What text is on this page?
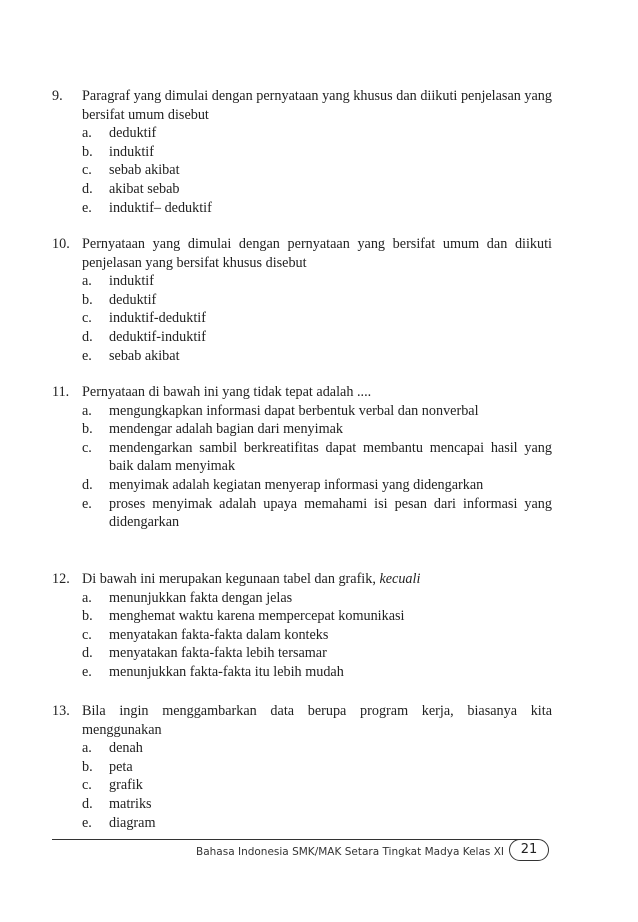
9. Paragraf yang dimulai dengan pernyataan yang khusus dan diikuti penjelasan yang bersifat umum disebut
a. deduktif
b. induktif
c. sebab akibat
d. akibat sebab
e. induktif– deduktif
10. Pernyataan yang dimulai dengan pernyataan yang bersifat umum dan diikuti penjelasan yang bersifat khusus disebut
a. induktif
b. deduktif
c. induktif-deduktif
d. deduktif-induktif
e. sebab akibat
11. Pernyataan di bawah ini yang tidak tepat adalah ....
a. mengungkapkan informasi dapat berbentuk verbal dan nonverbal
b. mendengar adalah bagian dari menyimak
c. mendengarkan sambil berkreatifitas dapat membantu mencapai hasil yang baik dalam menyimak
d. menyimak adalah kegiatan menyerap informasi yang didengarkan
e. proses menyimak adalah upaya memahami isi pesan dari informasi yang didengarkan
12. Di bawah ini merupakan kegunaan tabel dan grafik, kecuali
a. menunjukkan fakta dengan jelas
b. menghemat waktu karena mempercepat komunikasi
c. menyatakan fakta-fakta dalam konteks
d. menyatakan fakta-fakta lebih tersamar
e. menunjukkan fakta-fakta itu lebih mudah
13. Bila ingin menggambarkan data berupa program kerja, biasanya kita menggunakan
a. denah
b. peta
c. grafik
d. matriks
e. diagram
Bahasa Indonesia SMK/MAK Setara Tingkat Madya Kelas XI	21
